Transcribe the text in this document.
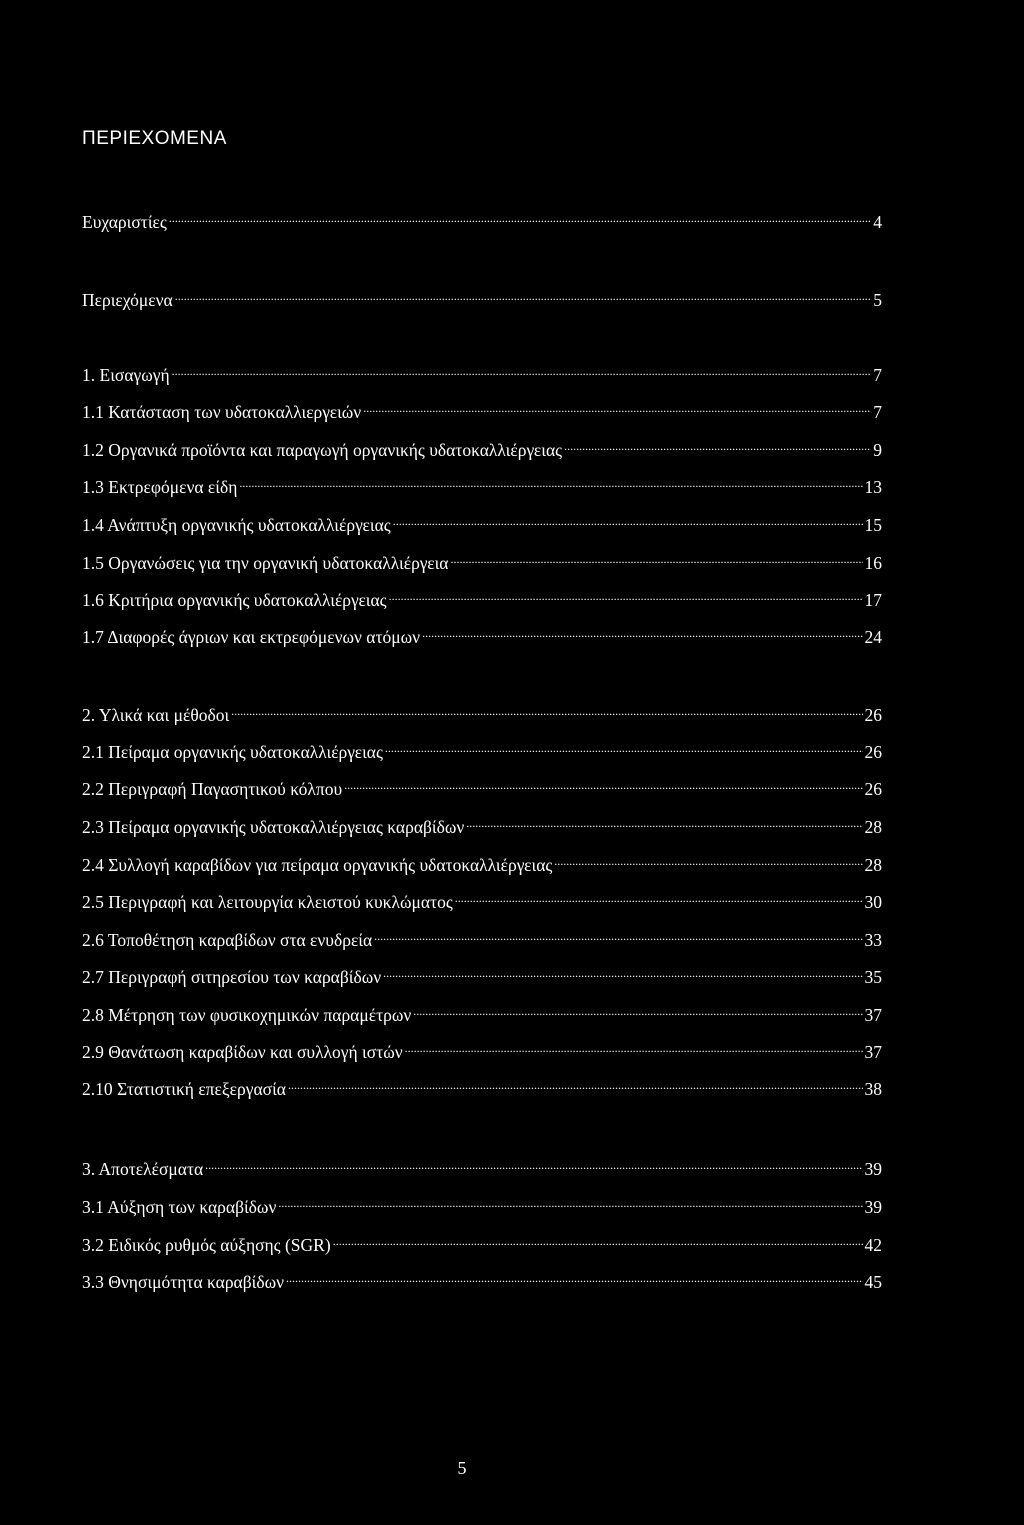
ΠΕΡΙΕΧΟΜΕΝΑ
Ευχαριστίες .....	4
Περιεχόμενα .....	5
1. Εισαγωγή .....	7
1.1 Κατάσταση των υδατοκαλλιεργειών .....	7
1.2 Οργανικά προϊόντα και παραγωγή οργανικής υδατοκαλλιέργειας .....	9
1.3 Εκτρεφόμενα είδη .....	13
1.4 Ανάπτυξη οργανικής υδατοκαλλιέργειας .....	15
1.5 Οργανώσεις για την οργανική υδατοκαλλιέργεια .....	16
1.6 Κριτήρια οργανικής υδατοκαλλιέργειας .....	17
1.7 Διαφορές άγριων και εκτρεφόμενων ατόμων .....	24
2. Υλικά και μέθοδοι .....	26
2.1 Πείραμα οργανικής υδατοκαλλιέργειας .....	26
2.2 Περιγραφή Παγασητικού κόλπου .....	26
2.3 Πείραμα οργανικής υδατοκαλλιέργειας καραβίδων .....	28
2.4 Συλλογή καραβίδων για πείραμα οργανικής υδατοκαλλιέργειας .....	28
2.5 Περιγραφή και λειτουργία κλειστού κυκλώματος .....	30
2.6 Τοποθέτηση καραβίδων στα ενυδρεία .....	33
2.7 Περιγραφή σιτηρεσίου των καραβίδων .....	35
2.8 Μέτρηση των φυσικοχημικών παραμέτρων .....	37
2.9 Θανάτωση καραβίδων και συλλογή ιστών .....	37
2.10 Στατιστική επεξεργασία .....	38
3. Αποτελέσματα .....	39
3.1 Αύξηση των καραβίδων .....	39
3.2 Ειδικός ρυθμός αύξησης (SGR) .....	42
3.3 Θνησιμότητα καραβίδων .....	45
5
